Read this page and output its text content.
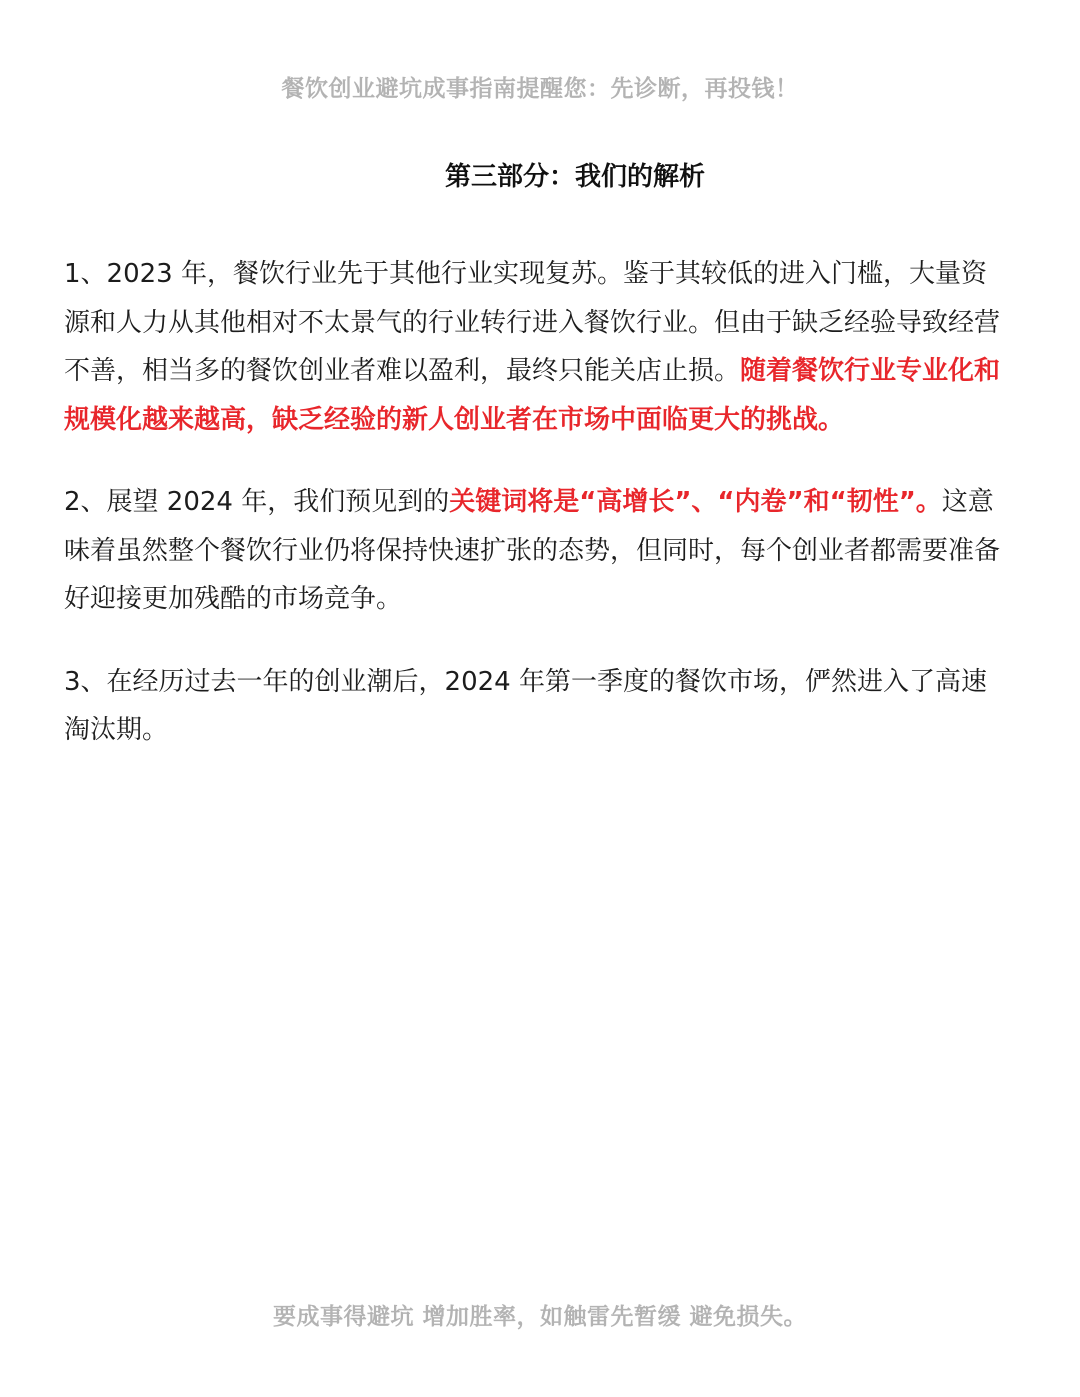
餐饮创业避坑成事指南提醒您：先诊断，再投钱！
第三部分：我们的解析

1、2023 年，餐饮行业先于其他行业实现复苏。鉴于其较低的进入门槛，大量资源和人力从其他相对不太景气的行业转行进入餐饮行业。但由于缺乏经验导致经营不善，相当多的餐饮创业者难以盈利，最终只能关店止损。随着餐饮行业专业化和规模化越来越高，缺乏经验的新人创业者在市场中面临更大的挑战。

2、展望 2024 年，我们预见到的关键词将是“高增长”、“内卷”和“韧性”。这意味着虽然整个餐饮行业仍将保持快速扩张的态势，但同时，每个创业者都需要准备好迎接更加残酷的市场竞争。

3、在经历过去一年的创业潮后，2024 年第一季度的餐饮市场，俨然进入了高速淘汰期。

要成事得避坑 增加胜率，如触雷先暂缓 避免损失。
